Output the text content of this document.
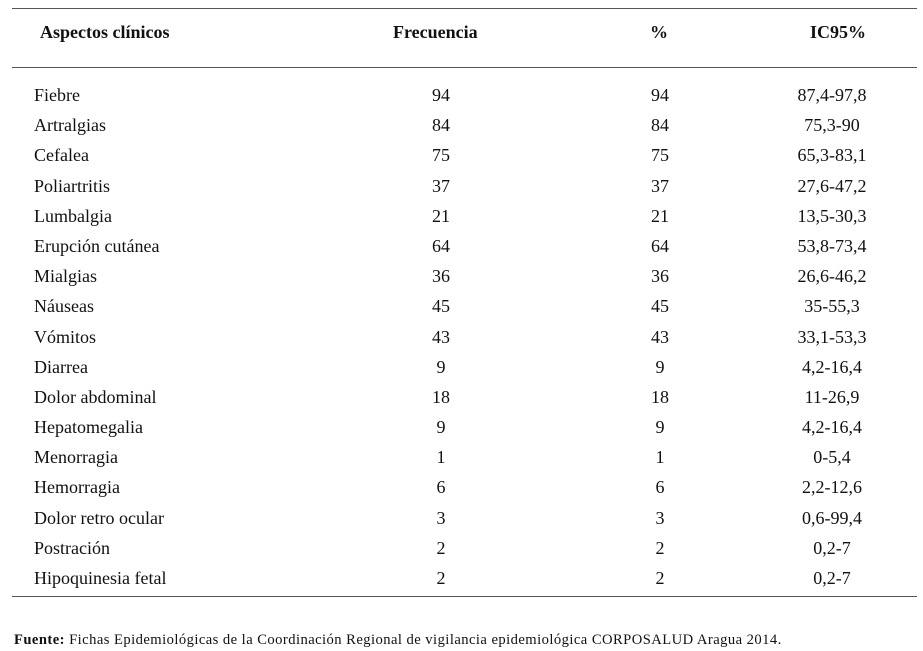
Aspectos clínicos	Frecuencia	%	IC95%
Fiebre	94	94	87,4-97,8
Artralgias	84	84	75,3-90
Cefalea	75	75	65,3-83,1
Poliartritis	37	37	27,6-47,2
Lumbalgia	21	21	13,5-30,3
Erupción cutánea	64	64	53,8-73,4
Mialgias	36	36	26,6-46,2
Náuseas	45	45	35-55,3
Vómitos	43	43	33,1-53,3
Diarrea	9	9	4,2-16,4
Dolor abdominal	18	18	11-26,9
Hepatomegalia	9	9	4,2-16,4
Menorragia	1	1	0-5,4
Hemorragia	6	6	2,2-12,6
Dolor retro ocular	3	3	0,6-99,4
Postración	2	2	0,2-7
Hipoquinesia fetal	2	2	0,2-7
Fuente: Fichas Epidemiológicas de la Coordinación Regional de vigilancia epidemiológica CORPOSALUD Aragua 2014.
